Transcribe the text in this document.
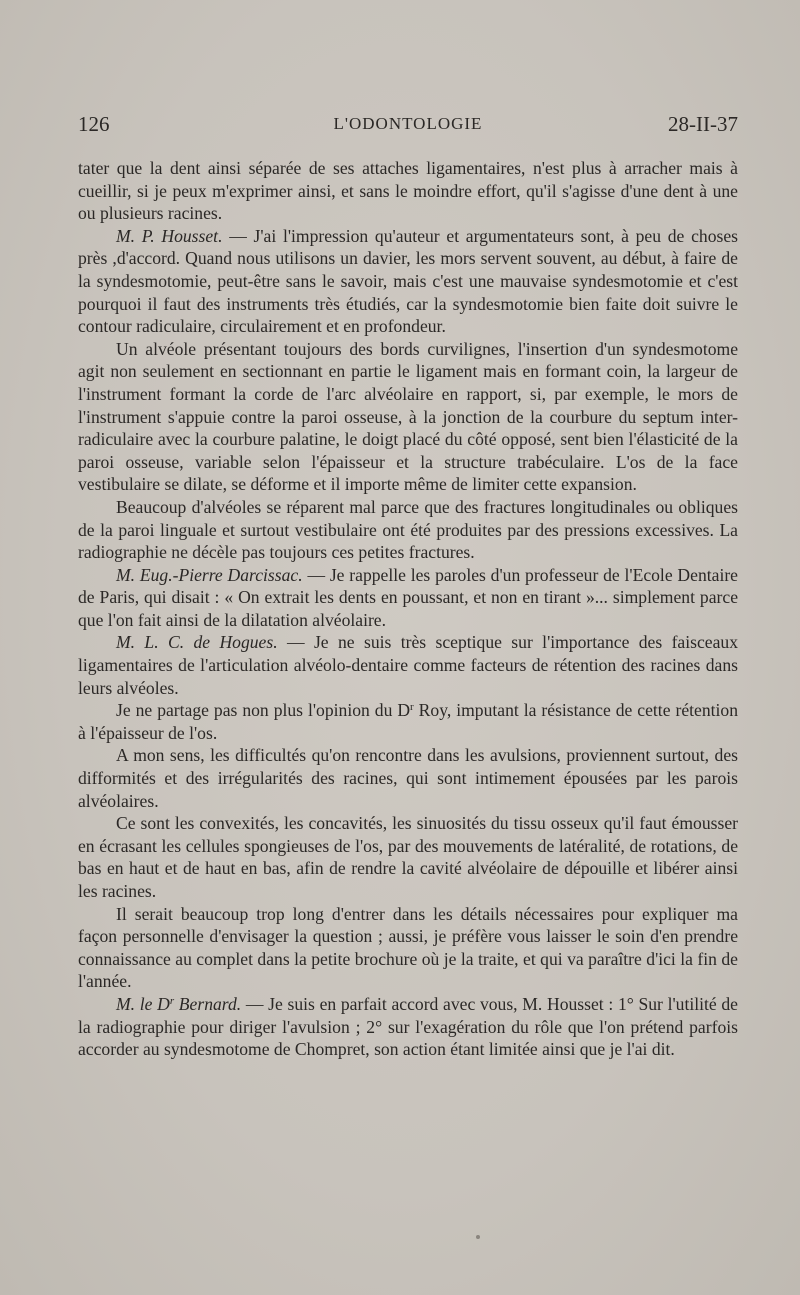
126	L'ODONTOLOGIE	28-II-37

tater que la dent ainsi séparée de ses attaches ligamentaires, n'est plus à arracher mais à cueillir, si je peux m'exprimer ainsi, et sans le moindre effort, qu'il s'agisse d'une dent à une ou plusieurs racines.

M. P. Housset. — J'ai l'impression qu'auteur et argumentateurs sont, à peu de choses près ,d'accord. Quand nous utilisons un davier, les mors servent souvent, au début, à faire de la syndesmotomie, peut-être sans le savoir, mais c'est une mauvaise syndesmotomie et c'est pourquoi il faut des instruments très étudiés, car la syndesmotomie bien faite doit suivre le contour radiculaire, circulairement et en profondeur.

Un alvéole présentant toujours des bords curvilignes, l'insertion d'un syndesmotome agit non seulement en sectionnant en partie le ligament mais en formant coin, la largeur de l'instrument formant la corde de l'arc alvéolaire en rapport, si, par exemple, le mors de l'instrument s'appuie contre la paroi osseuse, à la jonction de la courbure du septum inter-radiculaire avec la courbure palatine, le doigt placé du côté opposé, sent bien l'élasticité de la paroi osseuse, variable selon l'épaisseur et la structure trabéculaire. L'os de la face vestibulaire se dilate, se déforme et il importe même de limiter cette expansion.

Beaucoup d'alvéoles se réparent mal parce que des fractures longitudinales ou obliques de la paroi linguale et surtout vestibulaire ont été produites par des pressions excessives. La radiographie ne décèle pas toujours ces petites fractures.

M. Eug.-Pierre Darcissac. — Je rappelle les paroles d'un professeur de l'Ecole Dentaire de Paris, qui disait : « On extrait les dents en poussant, et non en tirant »... simplement parce que l'on fait ainsi de la dilatation alvéolaire.

M. L. C. de Hogues. — Je ne suis très sceptique sur l'importance des faisceaux ligamentaires de l'articulation alvéolo-dentaire comme facteurs de rétention des racines dans leurs alvéoles.

Je ne partage pas non plus l'opinion du $D^r$ Roy, imputant la résistance de cette rétention à l'épaisseur de l'os.

A mon sens, les difficultés qu'on rencontre dans les avulsions, proviennent surtout, des difformités et des irrégularités des racines, qui sont intimement épousées par les parois alvéolaires.

Ce sont les convexités, les concavités, les sinuosités du tissu osseux qu'il faut émousser en écrasant les cellules spongieuses de l'os, par des mouvements de latéralité, de rotations, de bas en haut et de haut en bas, afin de rendre la cavité alvéolaire de dépouille et libérer ainsi les racines.

Il serait beaucoup trop long d'entrer dans les détails nécessaires pour expliquer ma façon personnelle d'envisager la question ; aussi, je préfère vous laisser le soin d'en prendre connaissance au complet dans la petite brochure où je la traite, et qui va paraître d'ici la fin de l'année.

M. le $D^r$ Bernard. — Je suis en parfait accord avec vous, M. Housset : 1° Sur l'utilité de la radiographie pour diriger l'avulsion ; 2° sur l'exagération du rôle que l'on prétend parfois accorder au syndesmotome de Chompret, son action étant limitée ainsi que je l'ai dit.
